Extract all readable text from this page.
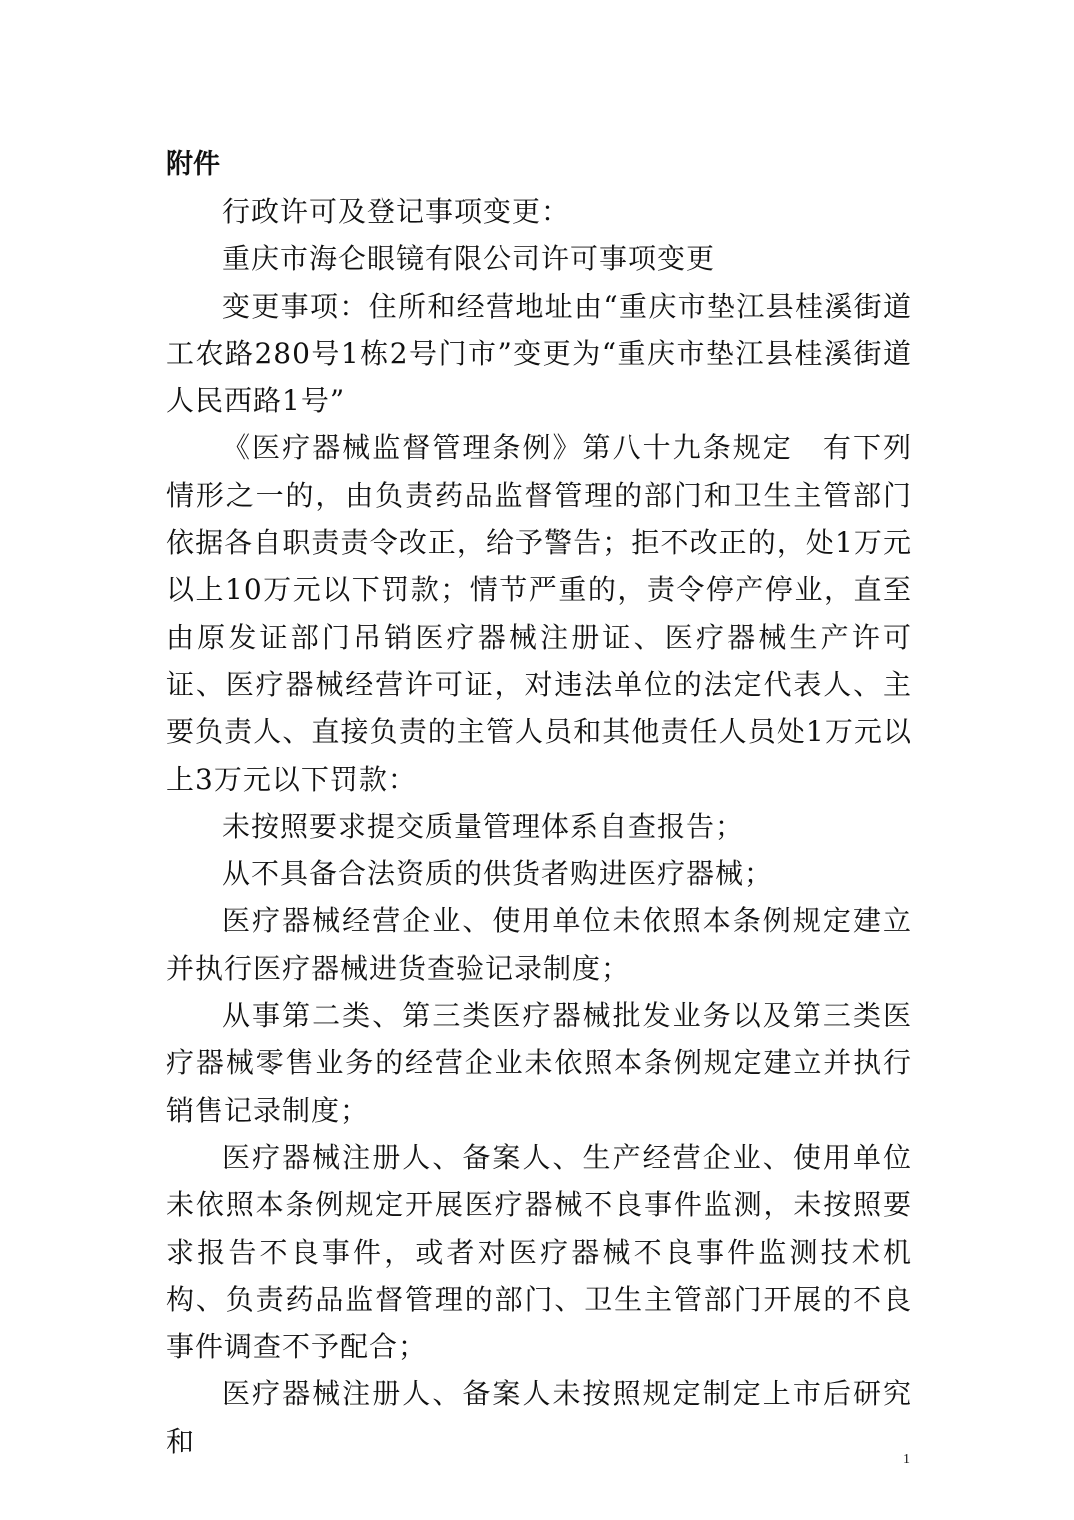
附件

行政许可及登记事项变更：

重庆市海仑眼镜有限公司许可事项变更

变更事项：住所和经营地址由“重庆市垫江县桂溪街道工农路280号1栋2号门市”变更为“重庆市垫江县桂溪街道人民西路1号”

《医疗器械监督管理条例》第八十九条规定　有下列情形之一的，由负责药品监督管理的部门和卫生主管部门依据各自职责责令改正，给予警告；拒不改正的，处1万元以上10万元以下罚款；情节严重的，责令停产停业，直至由原发证部门吊销医疗器械注册证、医疗器械生产许可证、医疗器械经营许可证，对违法单位的法定代表人、主要负责人、直接负责的主管人员和其他责任人员处1万元以上3万元以下罚款：

未按照要求提交质量管理体系自查报告；

从不具备合法资质的供货者购进医疗器械；

医疗器械经营企业、使用单位未依照本条例规定建立并执行医疗器械进货查验记录制度；

从事第二类、第三类医疗器械批发业务以及第三类医疗器械零售业务的经营企业未依照本条例规定建立并执行销售记录制度；

医疗器械注册人、备案人、生产经营企业、使用单位未依照本条例规定开展医疗器械不良事件监测，未按照要求报告不良事件，或者对医疗器械不良事件监测技术机构、负责药品监督管理的部门、卫生主管部门开展的不良事件调查不予配合；

医疗器械注册人、备案人未按照规定制定上市后研究和

1
